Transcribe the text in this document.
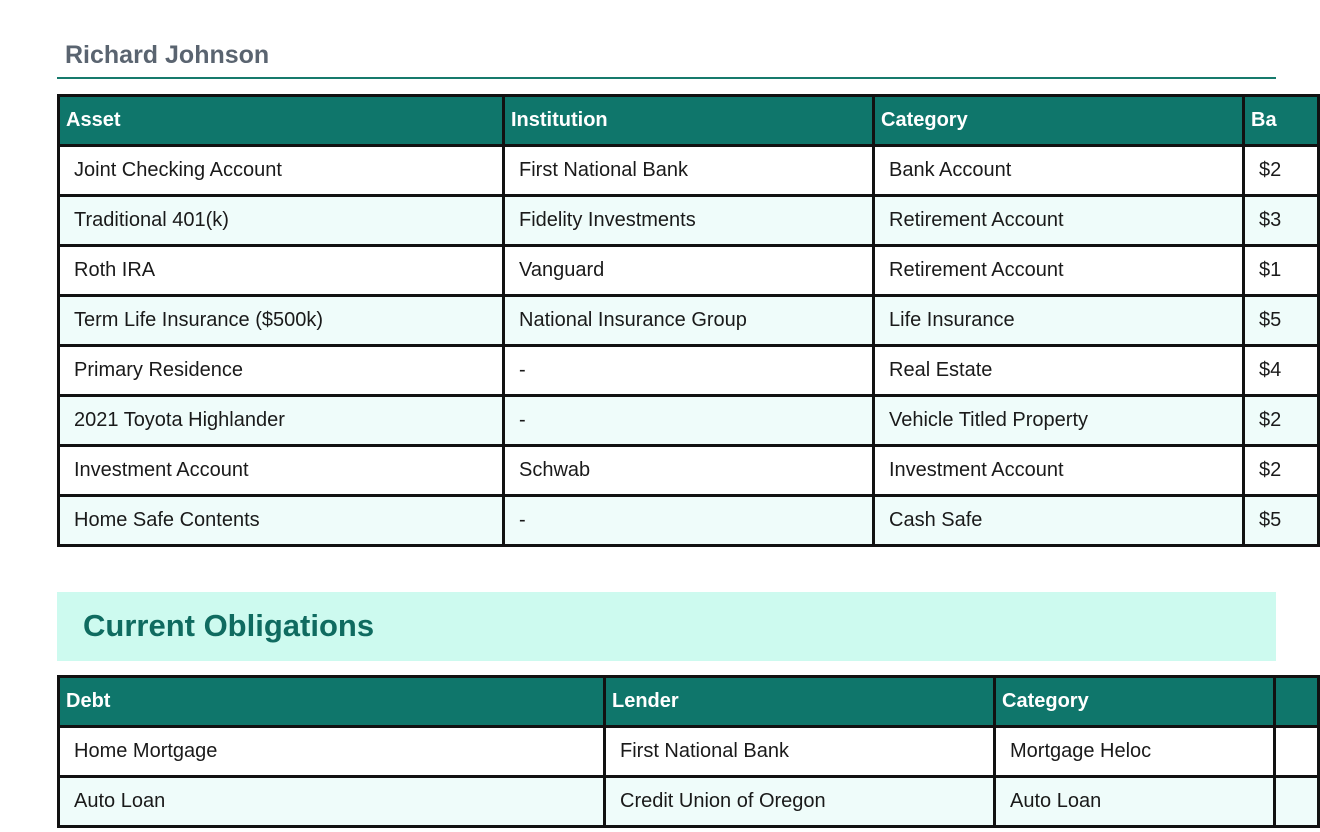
Richard Johnson
Asset	Institution	Category	Ba
Joint Checking Account	First National Bank	Bank Account	$2
Traditional 401(k)	Fidelity Investments	Retirement Account	$3
Roth IRA	Vanguard	Retirement Account	$1
Term Life Insurance ($500k)	National Insurance Group	Life Insurance	$5
Primary Residence	-	Real Estate	$4
2021 Toyota Highlander	-	Vehicle Titled Property	$2
Investment Account	Schwab	Investment Account	$2
Home Safe Contents	-	Cash Safe	$5
Current Obligations
Debt	Lender	Category	
Home Mortgage	First National Bank	Mortgage Heloc	
Auto Loan	Credit Union of Oregon	Auto Loan	
